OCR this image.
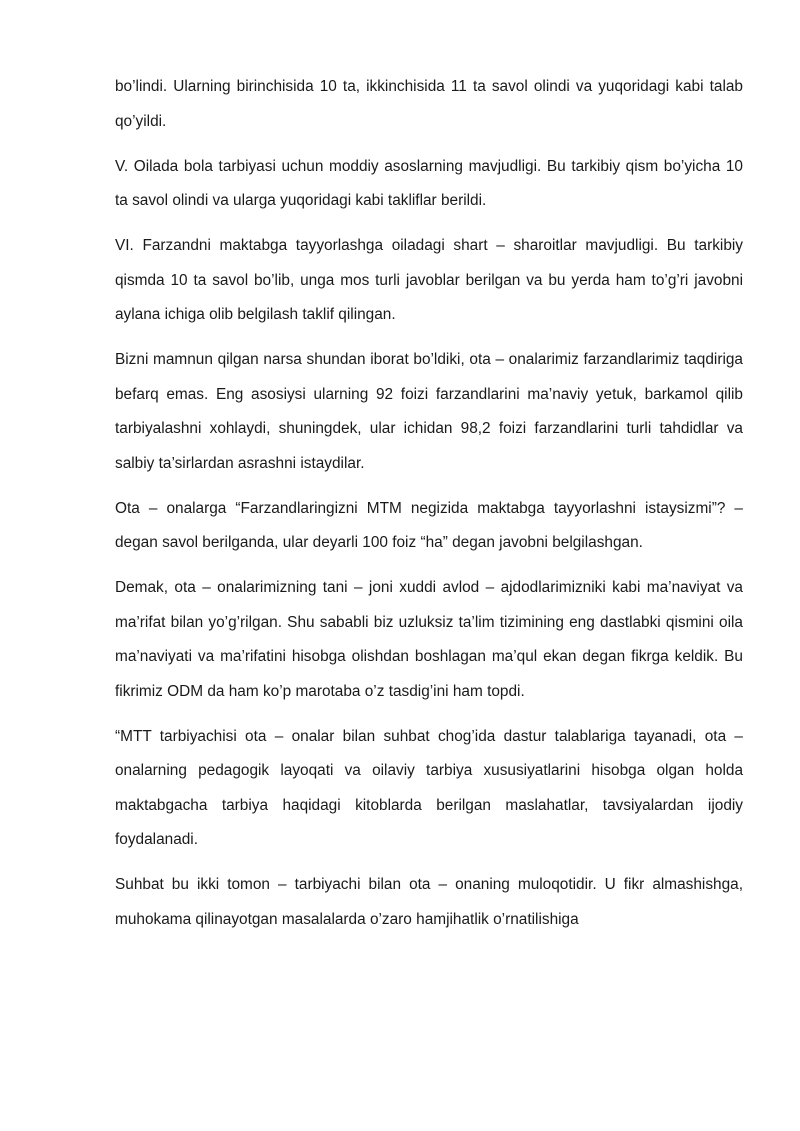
bo’lindi. Ularning birinchisida 10 ta, ikkinchisida 11 ta savol olindi va yuqoridagi kabi talab qo’yildi.

V. Oilada bola tarbiyasi uchun moddiy asoslarning mavjudligi. Bu tarkibiy qism bo’yicha 10 ta savol olindi va ularga yuqoridagi kabi takliflar berildi.

VI. Farzandni maktabga tayyorlashga oiladagi shart – sharoitlar mavjudligi. Bu tarkibiy qismda 10 ta savol bo’lib, unga mos turli javoblar berilgan va bu yerda ham to’g’ri javobni aylana ichiga olib belgilash taklif qilingan.

Bizni mamnun qilgan narsa shundan iborat bo’ldiki, ota – onalarimiz farzandlarimiz taqdiriga befarq emas. Eng asosiysi ularning 92 foizi farzandlarini ma’naviy yetuk, barkamol qilib tarbiyalashni xohlaydi, shuningdek, ular ichidan 98,2 foizi farzandlarini turli tahdidlar va salbiy ta’sirlardan asrashni istaydilar.

Ota – onalarga “Farzandlaringizni MTM negizida maktabga tayyorlashni istaysizmi”? – degan savol berilganda, ular deyarli 100 foiz “ha” degan javobni belgilashgan.

Demak, ota – onalarimizning tani – joni xuddi avlod – ajdodlarimizniki kabi ma’naviyat va ma’rifat bilan yo’g’rilgan. Shu sababli biz uzluksiz ta’lim tizimining eng dastlabki qismini oila ma’naviyati va ma’rifatini hisobga olishdan boshlagan ma’qul ekan degan fikrga keldik. Bu fikrimiz ODM da ham ko’p marotaba o’z tasdig’ini ham topdi.

“MTT tarbiyachisi ota – onalar bilan suhbat chog’ida dastur talablariga tayanadi, ota – onalarning pedagogik layoqati va oilaviy tarbiya xususiyatlarini hisobga olgan holda maktabgacha tarbiya haqidagi kitoblarda berilgan maslahatlar, tavsiyalardan ijodiy foydalanadi.

Suhbat bu ikki tomon – tarbiyachi bilan ota – onaning muloqotidir. U fikr almashishga, muhokama qilinayotgan masalalarda o’zaro hamjihatlik o’rnatilishiga
